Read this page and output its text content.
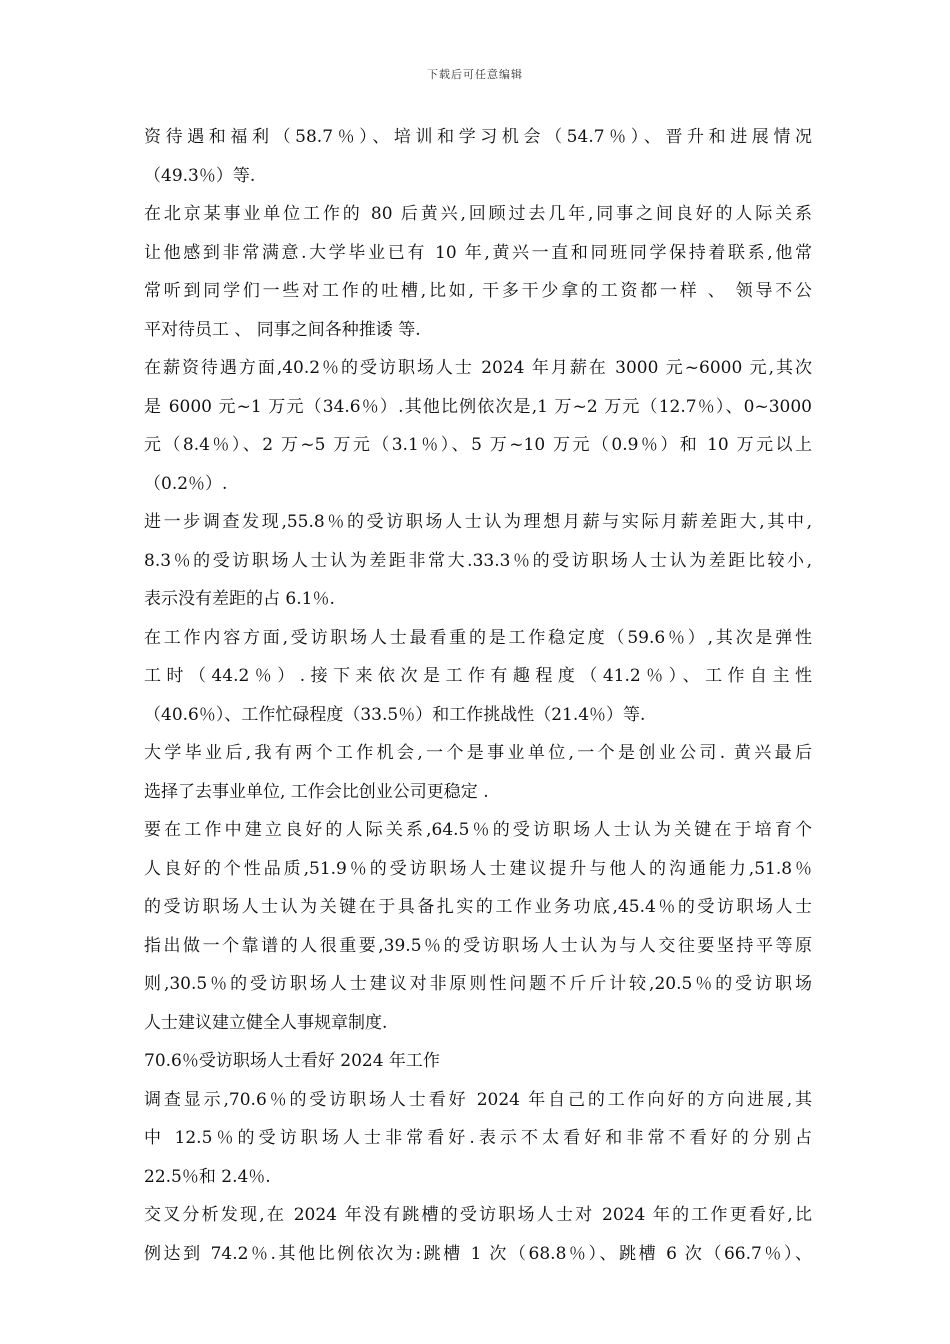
下载后可任意编辑
资待遇和福利（58.7％）、培训和学习机会（54.7％）、晋升和进展情况
（49.3％）等.
在北京某事业单位工作的 80 后黄兴,回顾过去几年,同事之间良好的人际关系
让他感到非常满意.大学毕业已有 10 年,黄兴一直和同班同学保持着联系,他常
常听到同学们一些对工作的吐槽,比如, 干多干少拿的工资都一样 、 领导不公
平对待员工 、 同事之间各种推诿 等.
在薪资待遇方面,40.2％的受访职场人士 2024 年月薪在 3000 元~6000 元,其次
是 6000 元~1 万元（34.6％）.其他比例依次是,1 万~2 万元（12.7％）、0~3000
元（8.4％）、2 万~5 万元（3.1％）、5 万~10 万元（0.9％）和 10 万元以上
（0.2％）.
进一步调查发现,55.8％的受访职场人士认为理想月薪与实际月薪差距大,其中,
8.3％的受访职场人士认为差距非常大.33.3％的受访职场人士认为差距比较小,
表示没有差距的占 6.1％.
在工作内容方面,受访职场人士最看重的是工作稳定度（59.6％）,其次是弹性
工时（44.2％）.接下来依次是工作有趣程度（41.2％）、工作自主性
（40.6％）、工作忙碌程度（33.5％）和工作挑战性（21.4％）等.
大学毕业后,我有两个工作机会,一个是事业单位,一个是创业公司. 黄兴最后
选择了去事业单位, 工作会比创业公司更稳定 .
要在工作中建立良好的人际关系,64.5％的受访职场人士认为关键在于培育个
人良好的个性品质,51.9％的受访职场人士建议提升与他人的沟通能力,51.8％
的受访职场人士认为关键在于具备扎实的工作业务功底,45.4％的受访职场人士
指出做一个靠谱的人很重要,39.5％的受访职场人士认为与人交往要坚持平等原
则,30.5％的受访职场人士建议对非原则性问题不斤斤计较,20.5％的受访职场
人士建议建立健全人事规章制度.
70.6％受访职场人士看好 2024 年工作
调查显示,70.6％的受访职场人士看好 2024 年自己的工作向好的方向进展,其
中 12.5％的受访职场人士非常看好.表示不太看好和非常不看好的分别占
22.5％和 2.4％.
交叉分析发现,在 2024 年没有跳槽的受访职场人士对 2024 年的工作更看好,比
例达到 74.2％.其他比例依次为:跳槽 1 次（68.8％）、跳槽 6 次（66.7％）、
